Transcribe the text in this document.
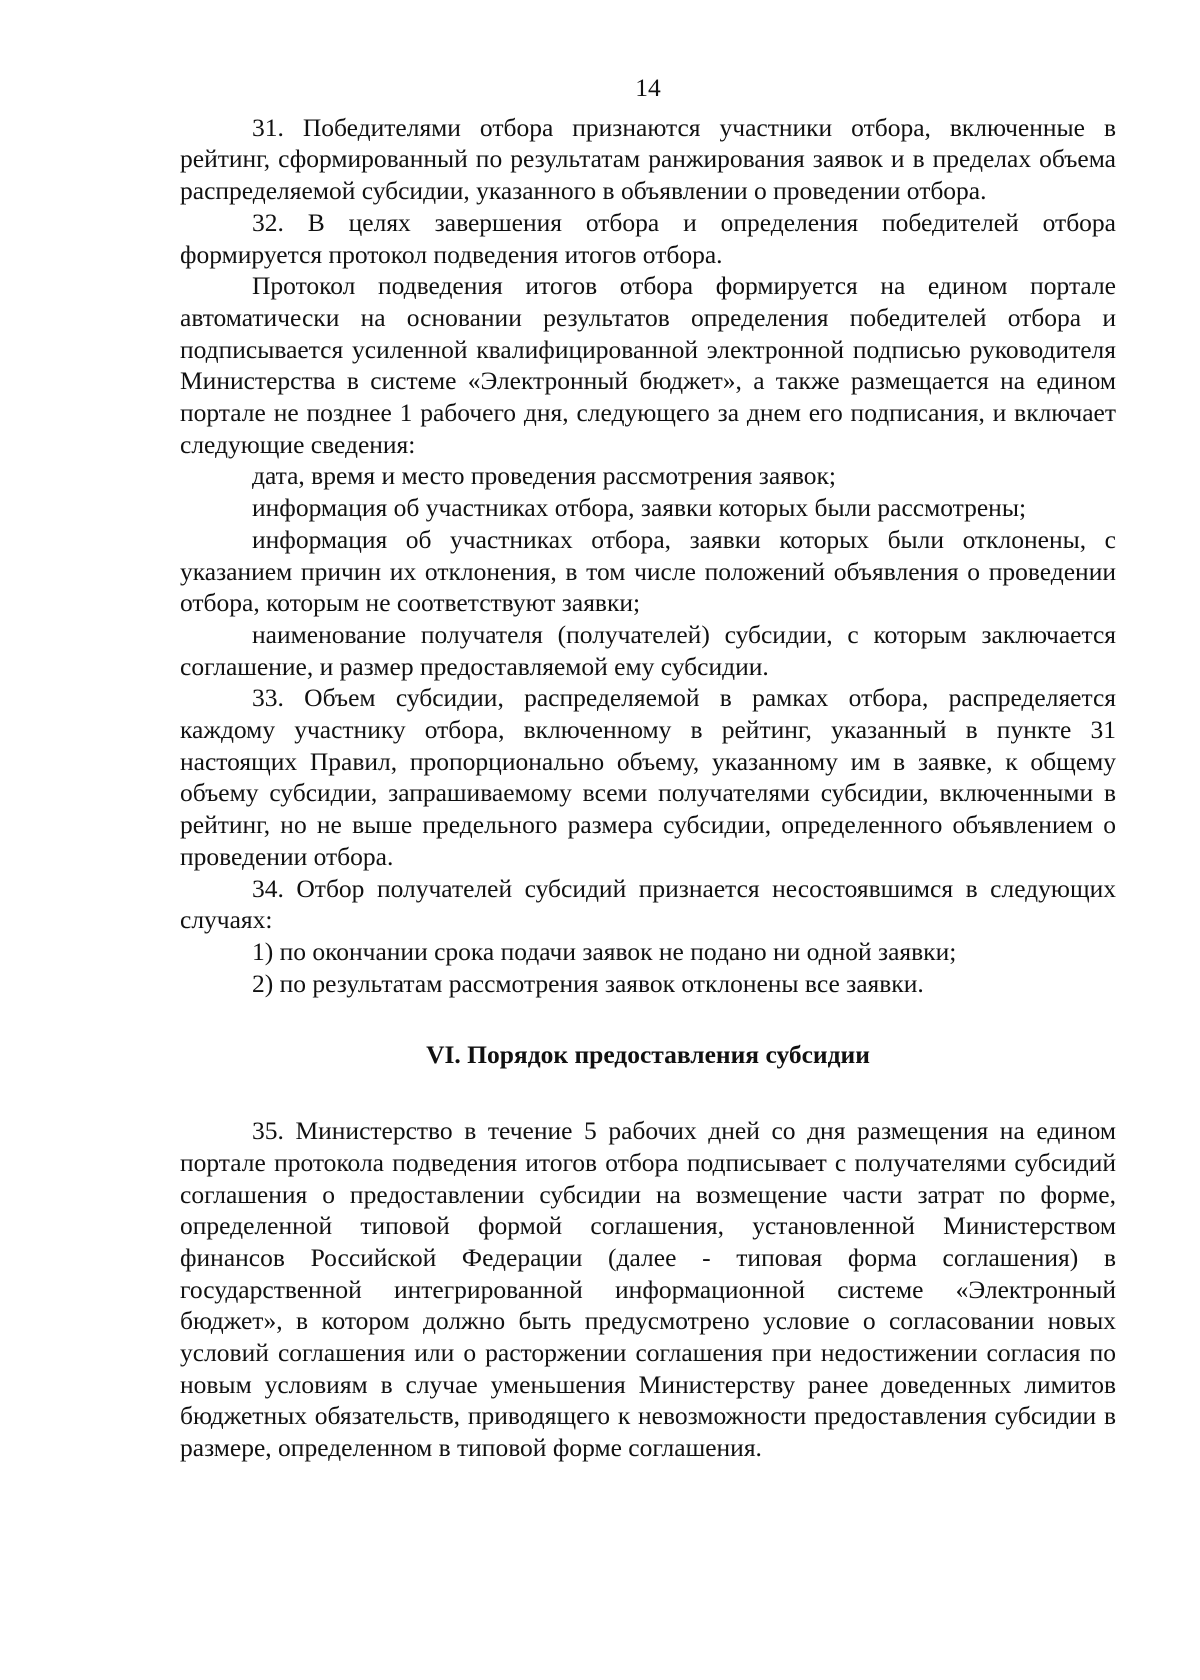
14

31. Победителями отбора признаются участники отбора, включенные в рейтинг, сформированный по результатам ранжирования заявок и в пределах объема распределяемой субсидии, указанного в объявлении о проведении отбора.

32. В целях завершения отбора и определения победителей отбора формируется протокол подведения итогов отбора.

Протокол подведения итогов отбора формируется на едином портале автоматически на основании результатов определения победителей отбора и подписывается усиленной квалифицированной электронной подписью руководителя Министерства в системе «Электронный бюджет», а также размещается на едином портале не позднее 1 рабочего дня, следующего за днем его подписания, и включает следующие сведения:

дата, время и место проведения рассмотрения заявок;

информация об участниках отбора, заявки которых были рассмотрены;

информация об участниках отбора, заявки которых были отклонены, с указанием причин их отклонения, в том числе положений объявления о проведении отбора, которым не соответствуют заявки;

наименование получателя (получателей) субсидии, с которым заключается соглашение, и размер предоставляемой ему субсидии.

33. Объем субсидии, распределяемой в рамках отбора, распределяется каждому участнику отбора, включенному в рейтинг, указанный в пункте 31 настоящих Правил, пропорционально объему, указанному им в заявке, к общему объему субсидии, запрашиваемому всеми получателями субсидии, включенными в рейтинг, но не выше предельного размера субсидии, определенного объявлением о проведении отбора.

34. Отбор получателей субсидий признается несостоявшимся в следующих случаях:

1) по окончании срока подачи заявок не подано ни одной заявки;

2) по результатам рассмотрения заявок отклонены все заявки.

VI. Порядок предоставления субсидии

35. Министерство в течение 5 рабочих дней со дня размещения на едином портале протокола подведения итогов отбора подписывает с получателями субсидий соглашения о предоставлении субсидии на возмещение части затрат по форме, определенной типовой формой соглашения, установленной Министерством финансов Российской Федерации (далее - типовая форма соглашения) в государственной интегрированной информационной системе «Электронный бюджет», в котором должно быть предусмотрено условие о согласовании новых условий соглашения или о расторжении соглашения при недостижении согласия по новым условиям в случае уменьшения Министерству ранее доведенных лимитов бюджетных обязательств, приводящего к невозможности предоставления субсидии в размере, определенном в типовой форме соглашения.
